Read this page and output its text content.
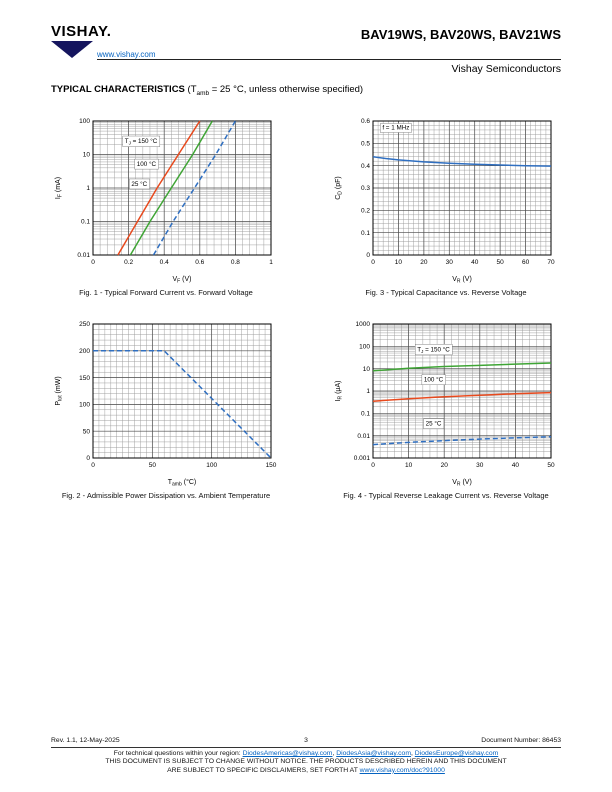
VISHAY.
www.vishay.com
BAV19WS, BAV20WS, BAV21WS
Vishay Semiconductors
TYPICAL CHARACTERISTICS ($T_{amb} = 25$ °C, unless otherwise specified)
0	0.2	0.4	0.6	0.8	1
0.01
0.1
1
10
100
$V_F$ (V)
$I_F$ (mA)
$T_J = 150$ °C
100 °C
25 °C
Fig. 1 - Typical Forward Current vs. Forward Voltage
0	10	20	30	40	50	60	70
0
0.1
0.2
0.3
0.4
0.5
0.6
$V_R$ (V)
$C_D$ (pF)
f = 1 MHz
Fig. 3 - Typical Capacitance vs. Reverse Voltage
0	50	100	150
0
50
100
150
200
250
$T_{amb}$ (°C)
$P_{tot}$ (mW)
Fig. 2 - Admissible Power Dissipation vs. Ambient Temperature
0	10	20	30	40	50
0.001
0.01
0.1
1
10
100
1000
$V_R$ (V)
$I_R$ (µA)
$T_J = 150$ °C
100 °C
25 °C
Fig. 4 - Typical Reverse Leakage Current vs. Reverse Voltage
Rev. 1.1, 12-May-2025	3	Document Number: 86453
For technical questions within your region: DiodesAmericas@vishay.com, DiodesAsia@vishay.com, DiodesEurope@vishay.com
THIS DOCUMENT IS SUBJECT TO CHANGE WITHOUT NOTICE. THE PRODUCTS DESCRIBED HEREIN AND THIS DOCUMENT
ARE SUBJECT TO SPECIFIC DISCLAIMERS, SET FORTH AT www.vishay.com/doc?91000
